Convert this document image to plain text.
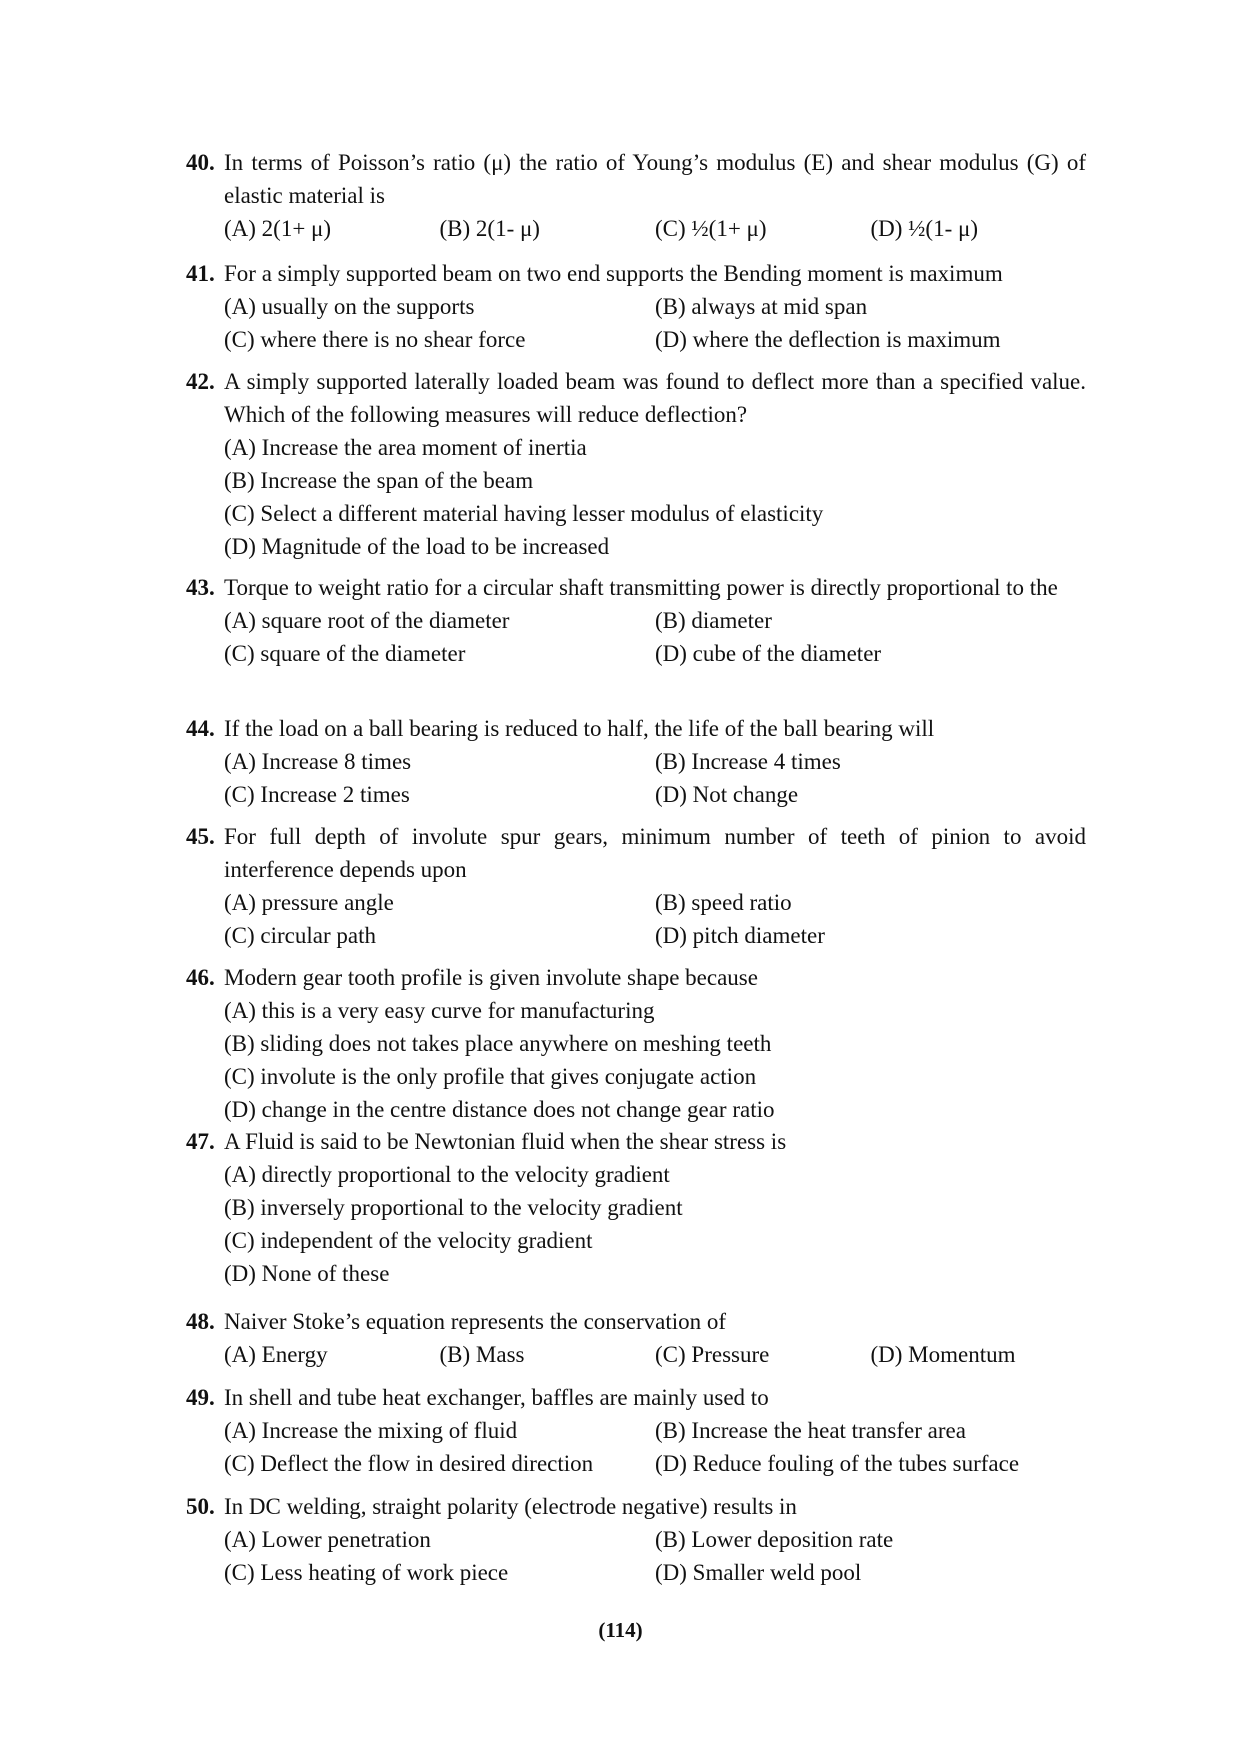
40. In terms of Poisson’s ratio (μ) the ratio of Young’s modulus (E) and shear modulus (G) of elastic material is
(A) 2(1+ μ)	(B) 2(1- μ)	(C) ½(1+ μ)	(D) ½(1- μ)
41. For a simply supported beam on two end supports the Bending moment is maximum
(A) usually on the supports	(B) always at mid span
(C) where there is no shear force	(D) where the deflection is maximum
42. A simply supported laterally loaded beam was found to deflect more than a specified value. Which of the following measures will reduce deflection?
(A) Increase the area moment of inertia
(B) Increase the span of the beam
(C) Select a different material having lesser modulus of elasticity
(D) Magnitude of the load to be increased
43. Torque to weight ratio for a circular shaft transmitting power is directly proportional to the
(A) square root of the diameter	(B) diameter
(C) square of the diameter	(D) cube of the diameter
44. If the load on a ball bearing is reduced to half, the life of the ball bearing will
(A) Increase 8 times	(B) Increase 4 times
(C) Increase 2 times	(D) Not change
45. For full depth of involute spur gears, minimum number of teeth of pinion to avoid interference depends upon
(A) pressure angle	(B) speed ratio
(C) circular path	(D) pitch diameter
46. Modern gear tooth profile is given involute shape because
(A) this is a very easy curve for manufacturing
(B) sliding does not takes place anywhere on meshing teeth
(C) involute is the only profile that gives conjugate action
(D) change in the centre distance does not change gear ratio
47. A Fluid is said to be Newtonian fluid when the shear stress is
(A) directly proportional to the velocity gradient
(B) inversely proportional to the velocity gradient
(C) independent of the velocity gradient
(D) None of these
48. Naiver Stoke’s equation represents the conservation of
(A) Energy	(B) Mass	(C) Pressure	(D) Momentum
49. In shell and tube heat exchanger, baffles are mainly used to
(A) Increase the mixing of fluid	(B) Increase the heat transfer area
(C) Deflect the flow in desired direction	(D) Reduce fouling of the tubes surface
50. In DC welding, straight polarity (electrode negative) results in
(A) Lower penetration	(B) Lower deposition rate
(C) Less heating of work piece	(D) Smaller weld pool
(114)
